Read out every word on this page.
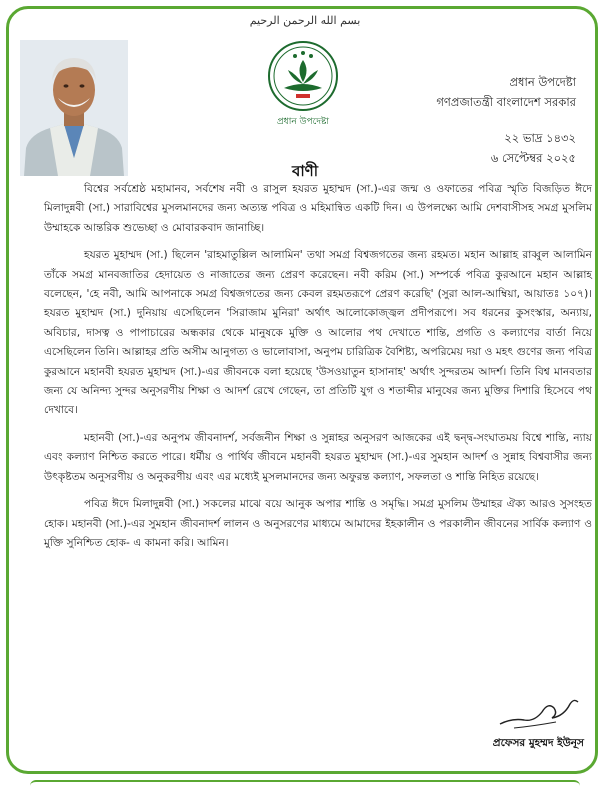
بسم الله الرحمن الرحيم
প্রধান উপদেষ্টা
প্রধান উপদেষ্টা
গণপ্রজাতন্ত্রী বাংলাদেশ সরকার
২২ ভাদ্র ১৪৩২
৬ সেপ্টেম্বর ২০২৫
বাণী

বিশ্বের সর্বশ্রেষ্ঠ মহামানব, সর্বশেষ নবী ও রাসুল হযরত মুহাম্মদ (সা.)-এর জন্ম ও ওফাতের পবিত্র স্মৃতি বিজড়িত ঈদে মিলাদুন্নবী (সা.) সারাবিশ্বের মুসলমানদের জন্য অত্যন্ত পবিত্র ও মহিমান্বিত একটি দিন। এ উপলক্ষ্যে আমি দেশবাসীসহ সমগ্র মুসলিম উম্মাহকে আন্তরিক শুভেচ্ছা ও মোবারকবাদ জানাচ্ছি।

হযরত মুহাম্মদ (সা.) ছিলেন 'রাহমাতুল্লিল আলামিন' তথা সমগ্র বিশ্বজগতের জন্য রহমত। মহান আল্লাহ রাব্বুল আলামিন তাঁকে সমগ্র মানবজাতির হেদায়েত ও নাজাতের জন্য প্রেরণ করেছেন। নবী করিম (সা.) সম্পর্কে পবিত্র কুরআনে মহান আল্লাহ বলেছেন, 'হে নবী, আমি আপনাকে সমগ্র বিশ্বজগতের জন্য কেবল রহমতরূপে প্রেরণ করেছি' (সুরা আল-আম্বিয়া, আয়াতঃ ১০৭)। হযরত মুহাম্মদ (সা.) দুনিয়ায় এসেছিলেন 'সিরাজাম মুনিরা' অর্থাৎ আলোকোজ্জ্বল প্রদীপরূপে। সব ধরনের কুসংস্কার, অন্যায়, অবিচার, দাসত্ব ও পাপাচারের অন্ধকার থেকে মানুষকে মুক্তি ও আলোর পথ দেখাতে শান্তি, প্রগতি ও কল্যাণের বার্তা নিয়ে এসেছিলেন তিনি। আল্লাহর প্রতি অসীম আনুগত্য ও ভালোবাসা, অনুপম চারিত্রিক বৈশিষ্ট্য, অপরিমেয় দয়া ও মহৎ গুণের জন্য পবিত্র কুরআনে মহানবী হযরত মুহাম্মদ (সা.)-এর জীবনকে বলা হয়েছে 'উসওয়াতুন হাসানাহ' অর্থাৎ সুন্দরতম আদর্শ। তিনি বিশ্ব মানবতার জন্য যে অনিন্দ্য সুন্দর অনুসরণীয় শিক্ষা ও আদর্শ রেখে গেছেন, তা প্রতিটি যুগ ও শতাব্দীর মানুষের জন্য মুক্তির দিশারি হিসেবে পথ দেখাবে।

মহানবী (সা.)-এর অনুপম জীবনাদর্শ, সর্বজনীন শিক্ষা ও সুন্নাহর অনুসরণ আজকের এই দ্বন্দ্ব-সংঘাতময় বিশ্বে শান্তি, ন্যায় এবং কল্যাণ নিশ্চিত করতে পারে। ধর্মীয় ও পার্থিব জীবনে মহানবী হযরত মুহাম্মদ (সা.)-এর সুমহান আদর্শ ও সুন্নাহ বিশ্ববাসীর জন্য উৎকৃষ্টতম অনুসরণীয় ও অনুকরণীয় এবং এর মধ্যেই মুসলমানদের জন্য অফুরন্ত কল্যাণ, সফলতা ও শান্তি নিহিত রয়েছে।

পবিত্র ঈদে মিলাদুন্নবী (সা.) সকলের মাঝে বয়ে আনুক অপার শান্তি ও সমৃদ্ধি। সমগ্র মুসলিম উম্মাহর ঐক্য আরও সুসংহত হোক। মহানবী (সা.)-এর সুমহান জীবনাদর্শ লালন ও অনুসরণের মাধ্যমে আমাদের ইহকালীন ও পরকালীন জীবনের সার্বিক কল্যাণ ও মুক্তি সুনিশ্চিত হোক- এ কামনা করি। আমিন।

প্রফেসর মুহম্মদ ইউনূস
